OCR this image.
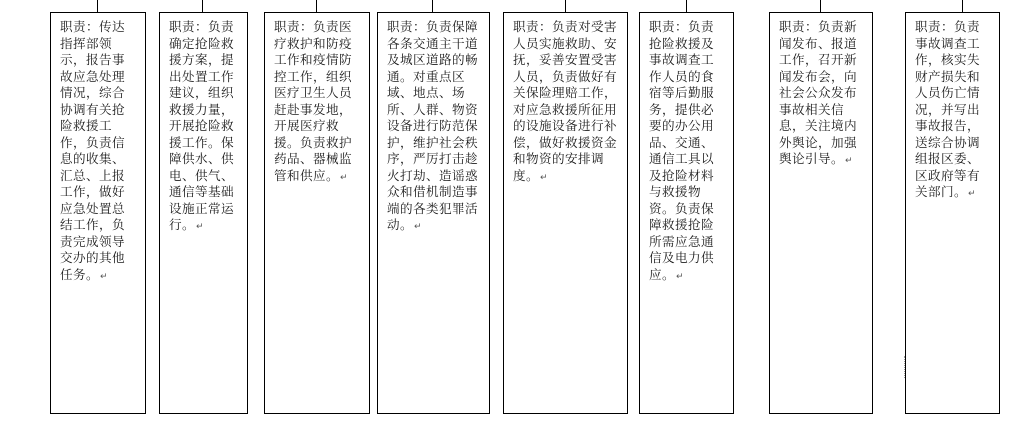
职责：传达指挥部领示，报告事故应急处理情况，综合协调有关抢险救援工作，负责信息的收集、汇总、上报工作，做好应急处置总结工作，负责完成领导交办的其他任务。↵

职责：负责确定抢险救援方案，提出处置工作建议，组织救援力量，开展抢险救援工作。保障供水、供电、供气、通信等基础设施正常运行。↵

职责：负责医疗救护和防疫工作和疫情防控工作，组织医疗卫生人员赶赴事发地，开展医疗救援。负责救护药品、器械监管和供应。↵

职责：负责保障各条交通主干道及城区道路的畅通。对重点区域、地点、场所、人群、物资设备进行防范保护，维护社会秩序，严厉打击趁火打劫、造谣惑众和借机制造事端的各类犯罪活动。↵

职责：负责对受害人员实施救助、安抚，妥善安置受害人员，负责做好有关保险理赔工作，对应急救援所征用的设施设备进行补偿，做好救援资金和物资的安排调度。↵

职责：负责抢险救援及事故调查工作人员的食宿等后勤服务，提供必要的办公用品、交通、通信工具以及抢险材料与救援物资。负责保障救援抢险所需应急通信及电力供应。↵

职责：负责新闻发布、报道工作，召开新闻发布会，向社会公众发布事故相关信息，关注境内外舆论，加强舆论引导。↵

职责：负责事故调查工作，核实失财产损失和人员伤亡情况，并写出事故报告，送综合协调组报区委、区政府等有关部门。↵
